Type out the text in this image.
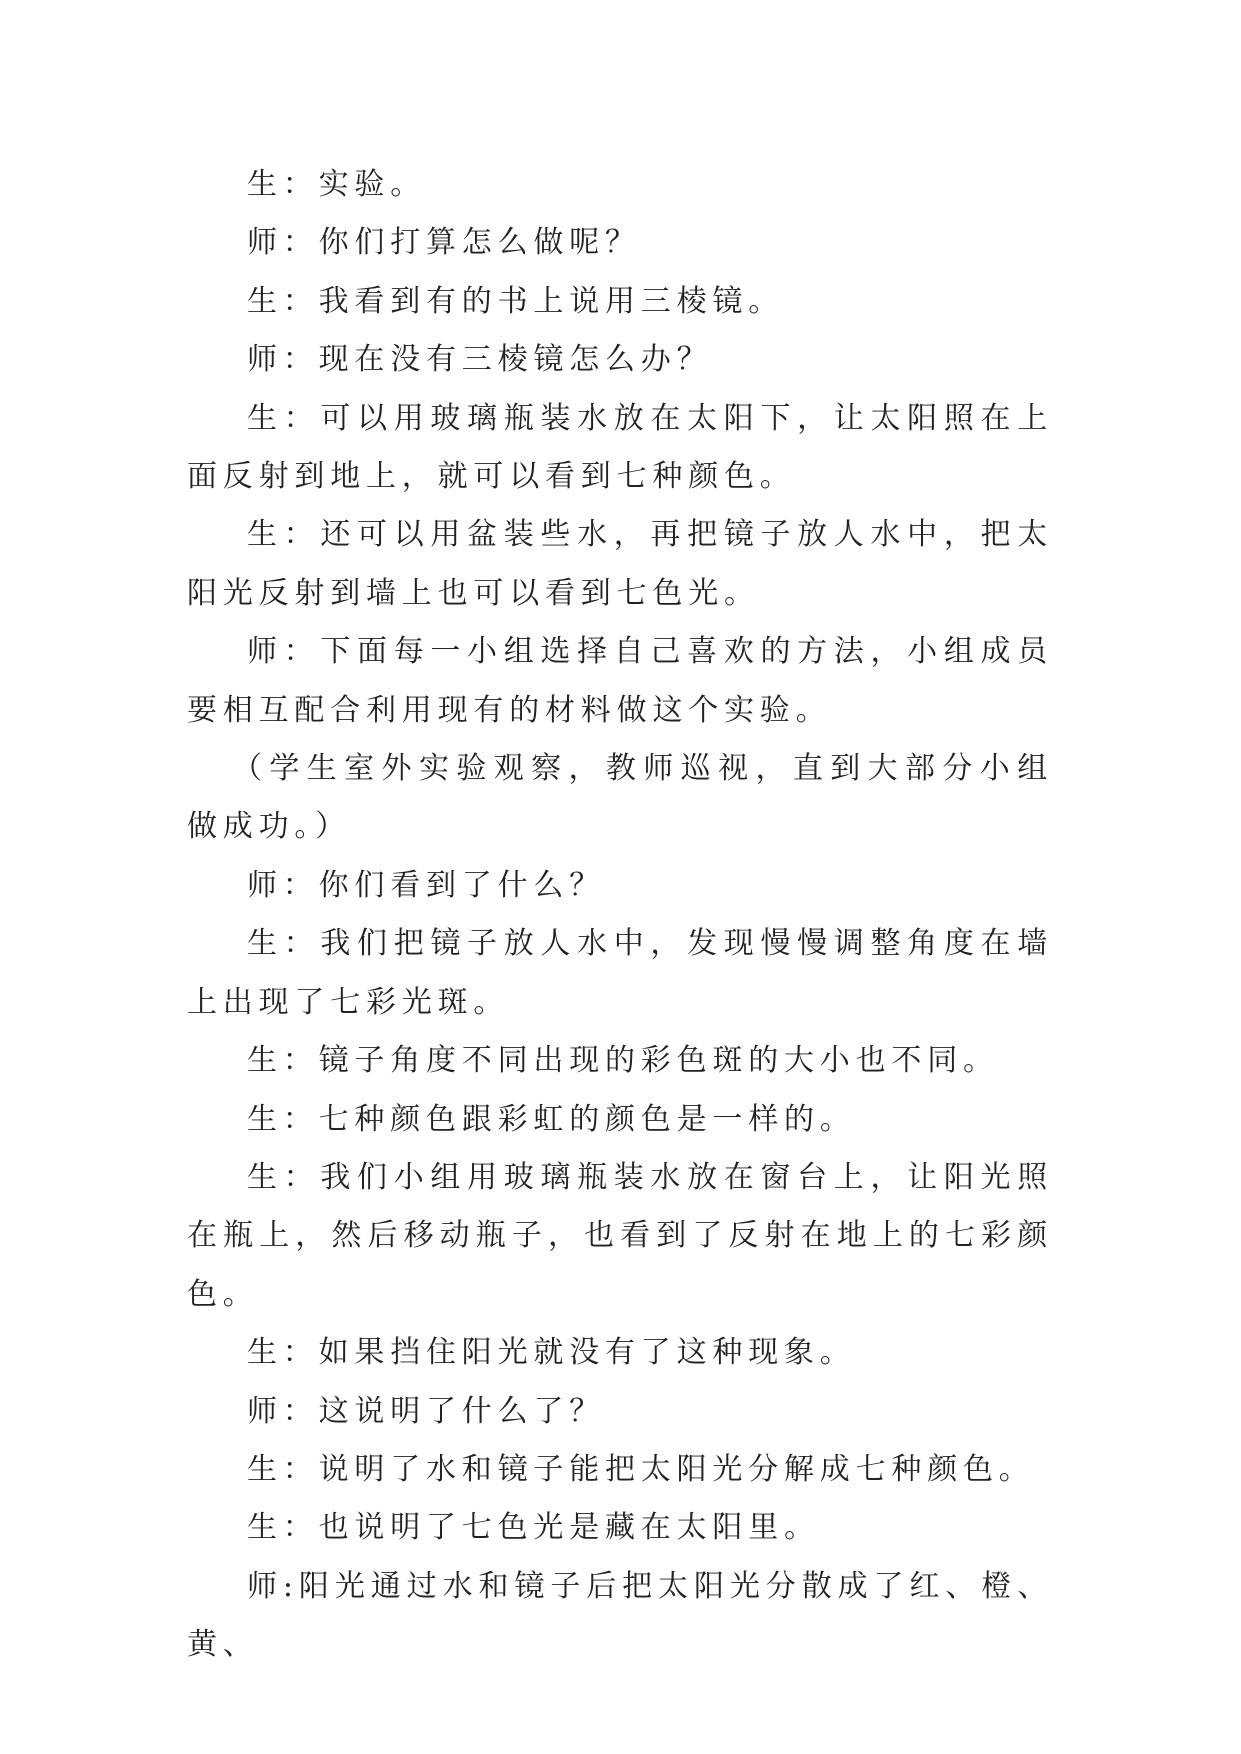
生：实验。

师：你们打算怎么做呢？

生：我看到有的书上说用三棱镜。

师：现在没有三棱镜怎么办？

生：可以用玻璃瓶装水放在太阳下，让太阳照在上面反射到地上，就可以看到七种颜色。

生：还可以用盆装些水，再把镜子放人水中，把太阳光反射到墙上也可以看到七色光。

师：下面每一小组选择自己喜欢的方法，小组成员要相互配合利用现有的材料做这个实验。

（学生室外实验观察，教师巡视，直到大部分小组做成功。）

师：你们看到了什么？

生：我们把镜子放人水中，发现慢慢调整角度在墙上出现了七彩光斑。

生：镜子角度不同出现的彩色斑的大小也不同。

生：七种颜色跟彩虹的颜色是一样的。

生：我们小组用玻璃瓶装水放在窗台上，让阳光照在瓶上，然后移动瓶子，也看到了反射在地上的七彩颜色。

生：如果挡住阳光就没有了这种现象。

师：这说明了什么了？

生：说明了水和镜子能把太阳光分解成七种颜色。

生：也说明了七色光是藏在太阳里。

师:阳光通过水和镜子后把太阳光分散成了红、橙、黄、
